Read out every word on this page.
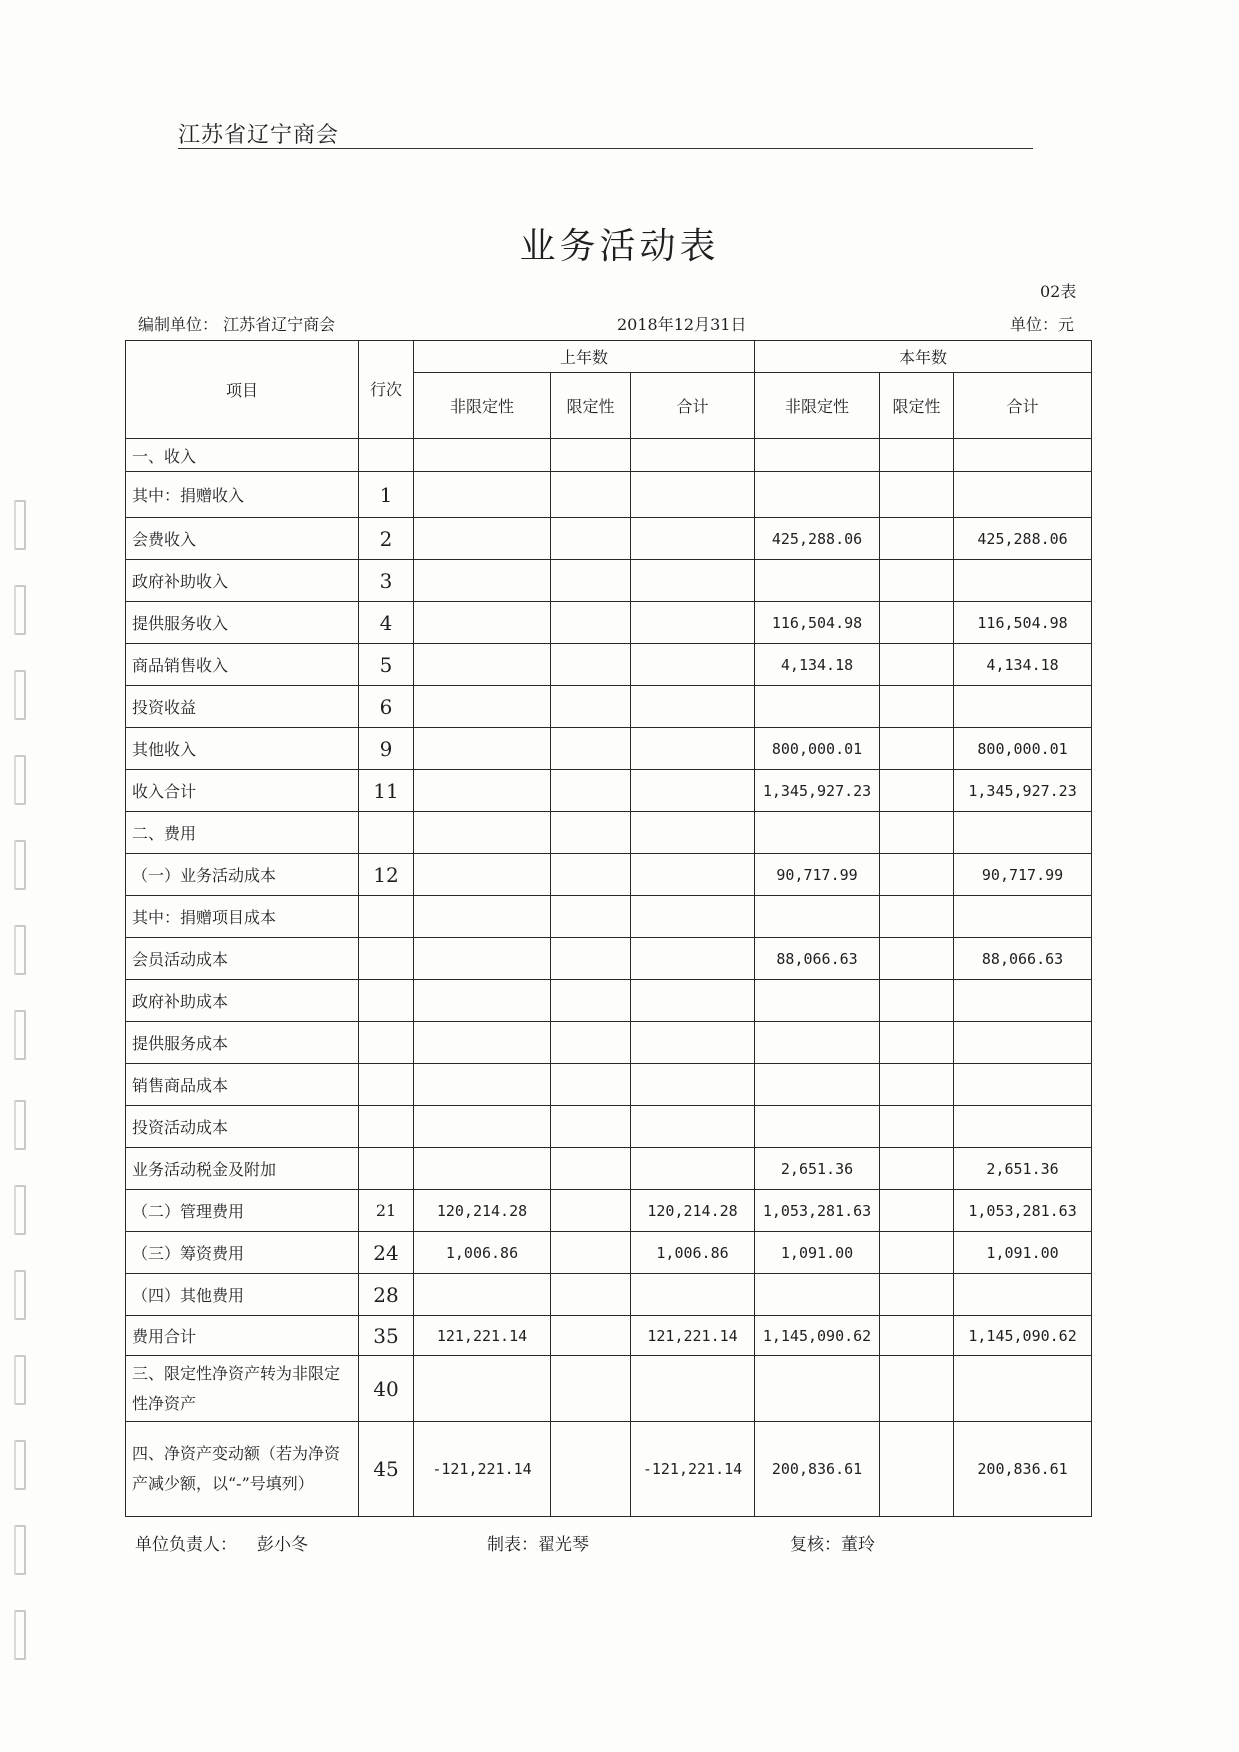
江苏省辽宁商会
业务活动表
02表
编制单位： 江苏省辽宁商会	2018年12月31日	单位：元
项目	行次	上年数			本年数		
		非限定性	限定性	合计	非限定性	限定性	合计
一、收入							
其中：捐赠收入	1						
会费收入	2				425,288.06		425,288.06
政府补助收入	3						
提供服务收入	4				116,504.98		116,504.98
商品销售收入	5				4,134.18		4,134.18
投资收益	6						
其他收入	9				800,000.01		800,000.01
收入合计	11				1,345,927.23		1,345,927.23
二、费用							
（一）业务活动成本	12				90,717.99		90,717.99
其中：捐赠项目成本							
会员活动成本					88,066.63		88,066.63
政府补助成本							
提供服务成本							
销售商品成本							
投资活动成本							
业务活动税金及附加					2,651.36		2,651.36
（二）管理费用	21	120,214.28		120,214.28	1,053,281.63		1,053,281.63
（三）筹资费用	24	1,006.86		1,006.86	1,091.00		1,091.00
（四）其他费用	28						
费用合计	35	121,221.14		121,221.14	1,145,090.62		1,145,090.62
三、限定性净资产转为非限定性净资产	40						
四、净资产变动额（若为净资产减少额，以“-”号填列）	45	-121,221.14		-121,221.14	200,836.61		200,836.61
单位负责人： 彭小冬	制表：翟光琴	复核：董玲
